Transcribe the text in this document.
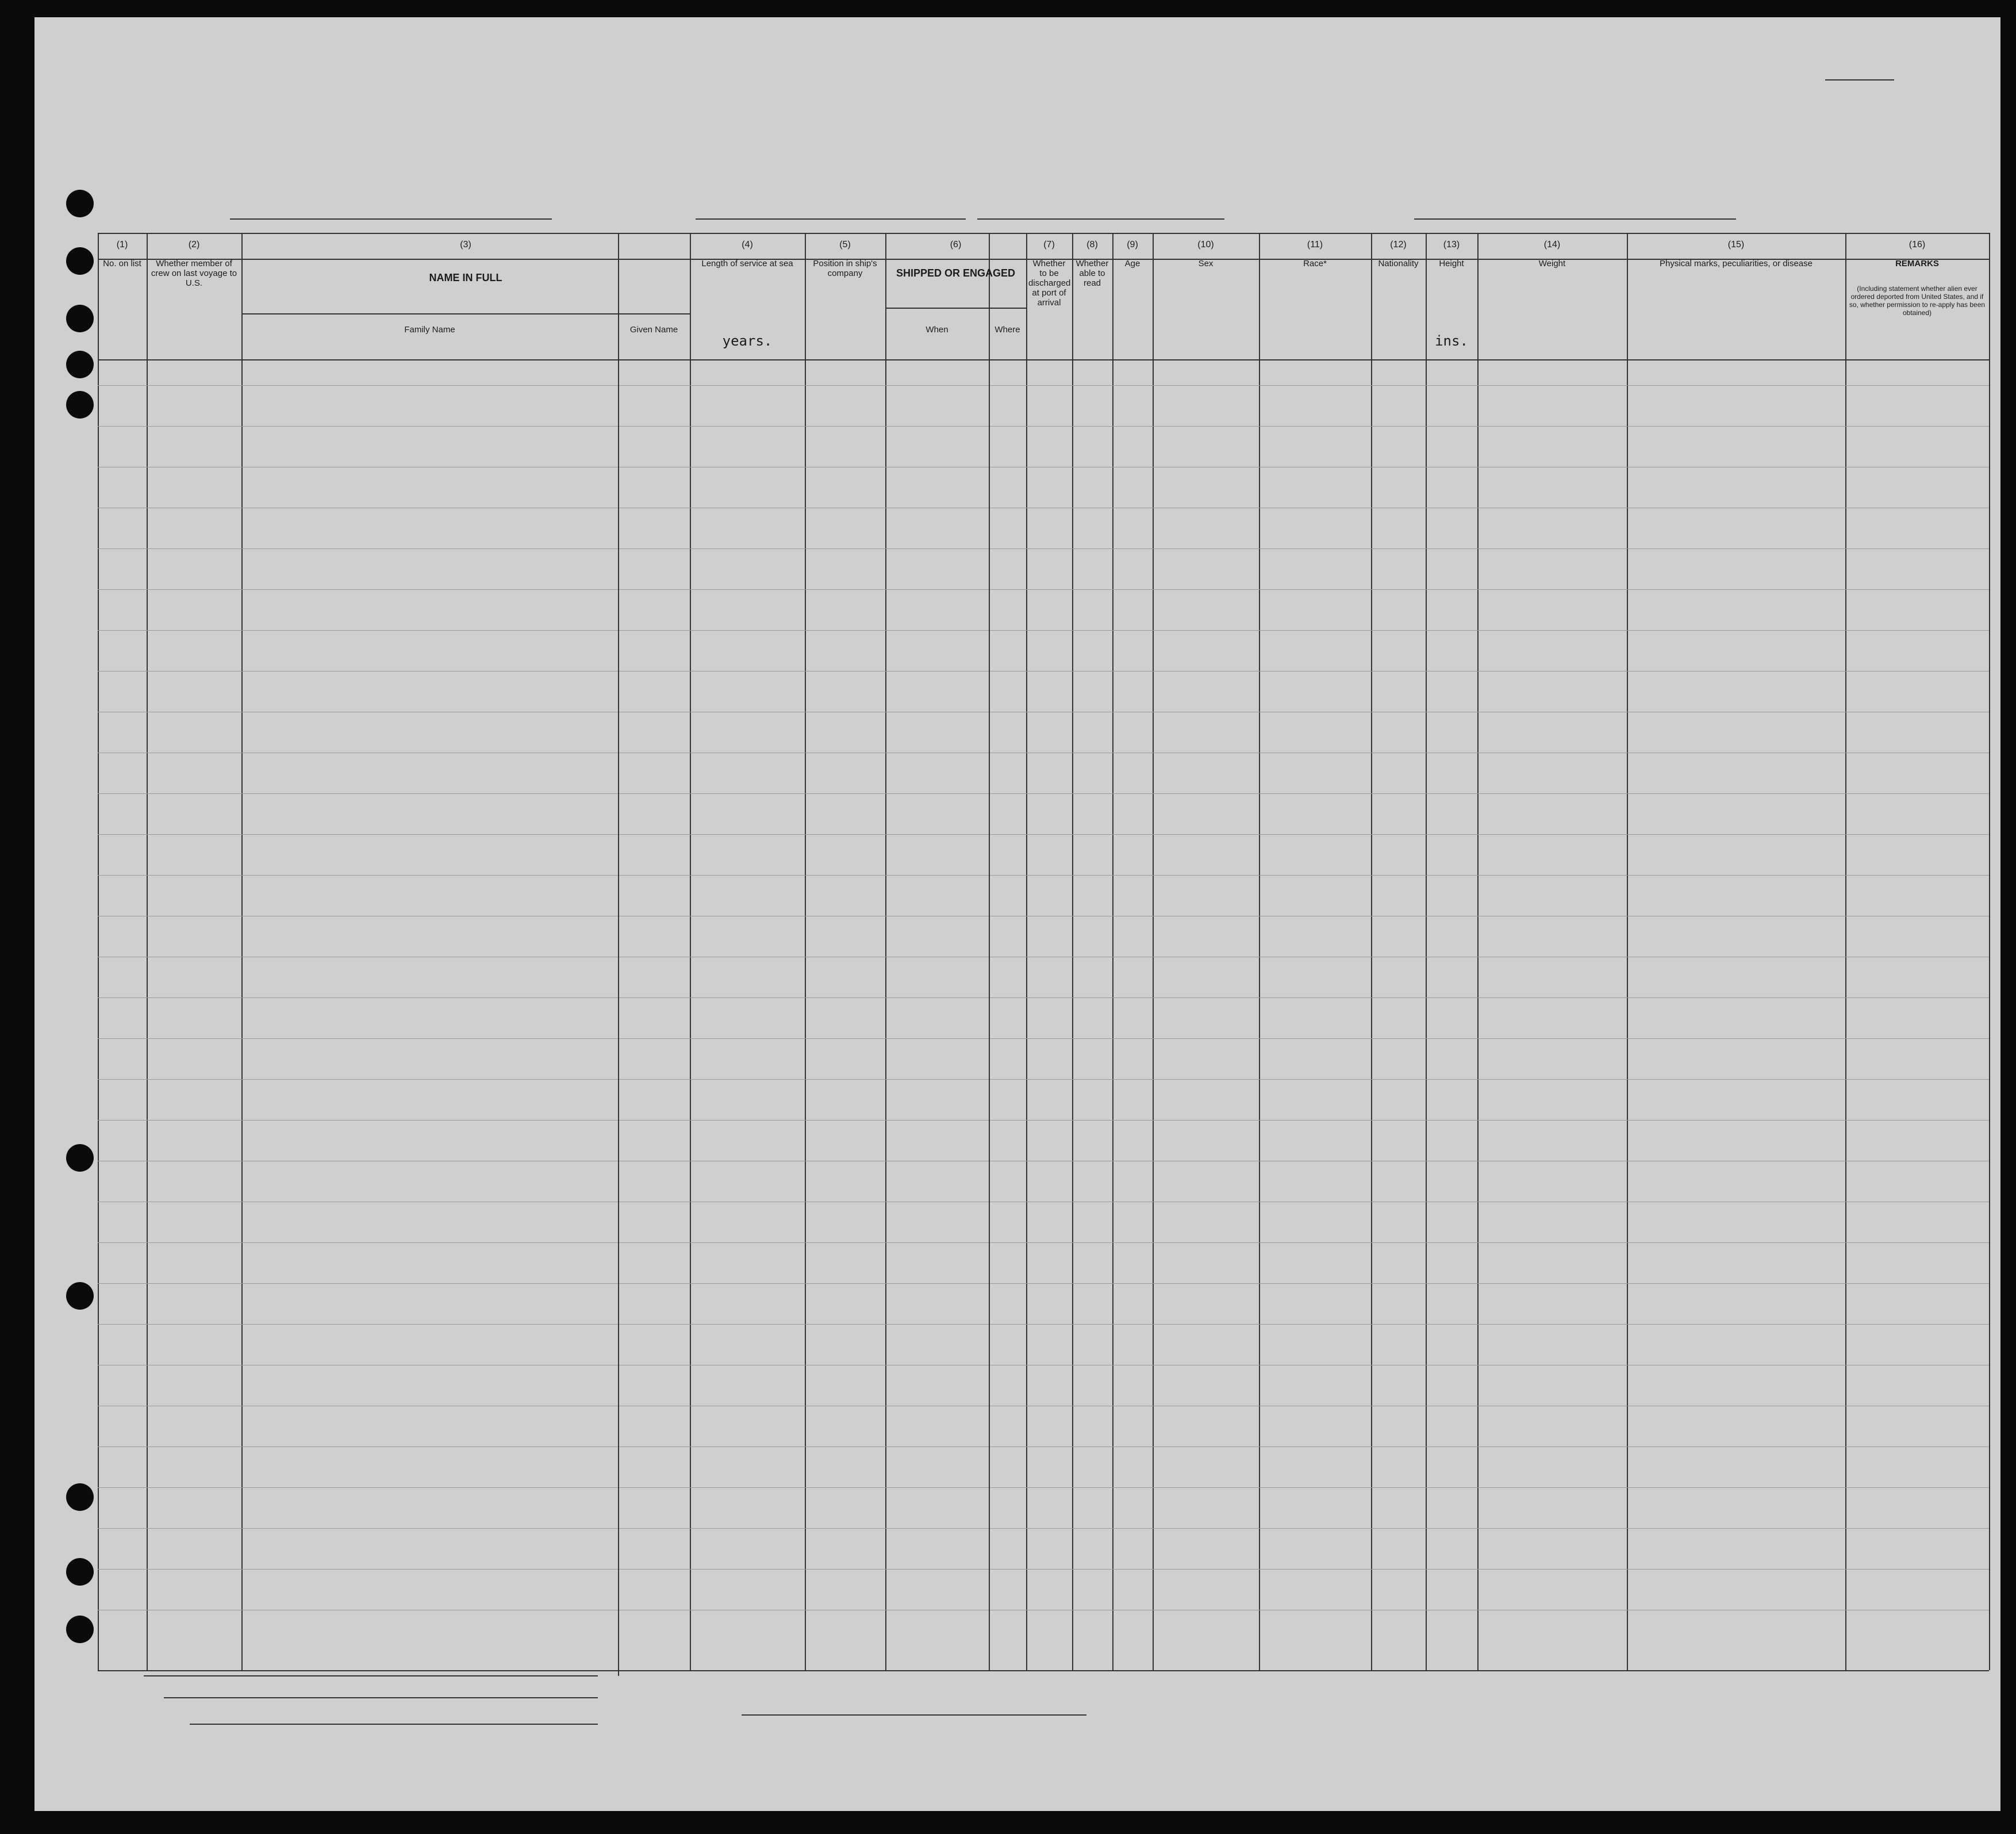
(1)
No. on list
(2)
Whether member of crew on last voyage to U.S.
(3)
NAME IN FULL
Family Name	Given Name
(4)
Length of service at sea
years.
(5)
Position in ship's company
(6)
SHIPPED OR ENGAGED
When	Where
(7)
Whether to be discharged at port of arrival
(8)
Whether able to read
(9)
Age
(10)
Sex
(11)
Race*
(12)
Nationality
(13)
Height
ins.
(14)
Weight
(15)
Physical marks, peculiarities, or disease
(16)
REMARKS
(Including statement whether alien ever ordered deported from United States, and if so, whether permission to re-apply has been obtained)
